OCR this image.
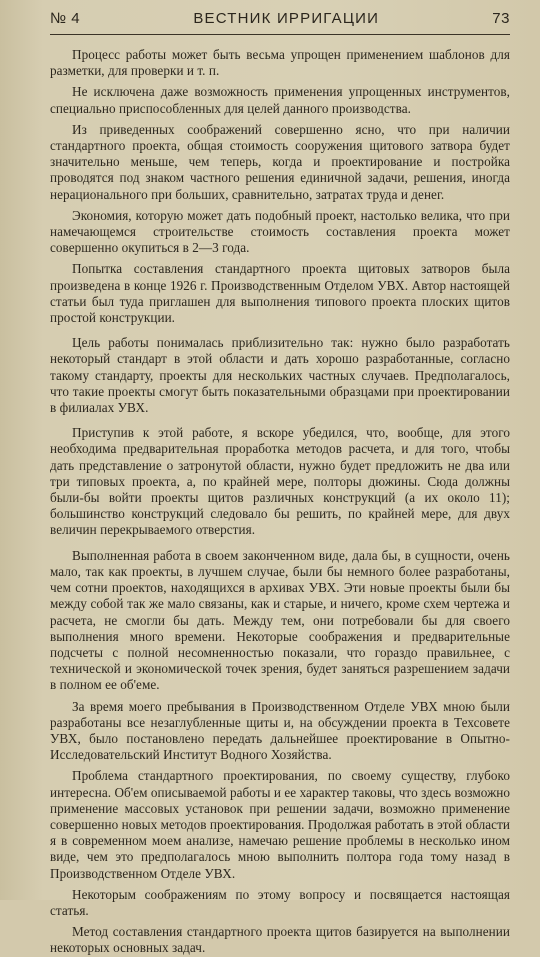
№ 4	ВЕСТНИК ИРРИГАЦИИ	73

Процесс работы может быть весьма упрощен применением шаблонов для разметки, для проверки и т. п.

Не исключена даже возможность применения упрощенных инструментов, специально приспособленных для целей данного производства.

Из приведенных соображений совершенно ясно, что при наличии стандартного проекта, общая стоимость сооружения щитового затвора будет значительно меньше, чем теперь, когда и проектирование и постройка проводятся под знаком частного решения единичной задачи, решения, иногда нерационального при больших, сравнительно, затратах труда и денег.

Экономия, которую может дать подобный проект, настолько велика, что при намечающемся строительстве стоимость составления проекта может совершенно окупиться в 2—3 года.

Попытка составления стандартного проекта щитовых затворов была произведена в конце 1926 г. Производственным Отделом УВХ. Автор настоящей статьи был туда приглашен для выполнения типового проекта плоских щитов простой конструкции.

Цель работы понималась приблизительно так: нужно было разработать некоторый стандарт в этой области и дать хорошо разработанные, согласно такому стандарту, проекты для нескольких частных случаев. Предполагалось, что такие проекты смогут быть показательными образцами при проектировании в филиалах УВХ.

Приступив к этой работе, я вскоре убедился, что, вообще, для этого необходима предварительная проработка методов расчета, и для того, чтобы дать представление о затронутой области, нужно будет предложить не два или три типовых проекта, а, по крайней мере, полторы дюжины. Сюда должны были-бы войти проекты щитов различных конструкций (а их около 11); большинство конструкций следовало бы решить, по крайней мере, для двух величин перекрываемого отверстия.

Выполненная работа в своем законченном виде, дала бы, в сущности, очень мало, так как проекты, в лучшем случае, были бы немного более разработаны, чем сотни проектов, находящихся в архивах УВХ. Эти новые проекты были бы между собой так же мало связаны, как и старые, и ничего, кроме схем чертежа и расчета, не смогли бы дать. Между тем, они потребовали бы для своего выполнения много времени. Некоторые соображения и предварительные подсчеты с полной несомненностью показали, что гораздо правильнее, с технической и экономической точек зрения, будет заняться разрешением задачи в полном ее об'еме.

За время моего пребывания в Производственном Отделе УВХ мною были разработаны все незаглубленные щиты и, на обсуждении проекта в Техсовете УВХ, было постановлено передать дальнейшее проектирование в Опытно-Исследовательский Институт Водного Хозяйства.

Проблема стандартного проектирования, по своему существу, глубоко интересна. Об'ем описываемой работы и ее характер таковы, что здесь возможно применение массовых установок при решении задачи, возможно применение совершенно новых методов проектирования. Продолжая работать в этой области я в современном моем анализе, намечаю решение проблемы в несколько ином виде, чем это предполагалось мною выполнить полтора года тому назад в Производственном Отделе УВХ.

Некоторым соображениям по этому вопросу и посвящается настоящая статья.

Метод составления стандартного проекта щитов базируется на выполнении некоторых основных задач.
